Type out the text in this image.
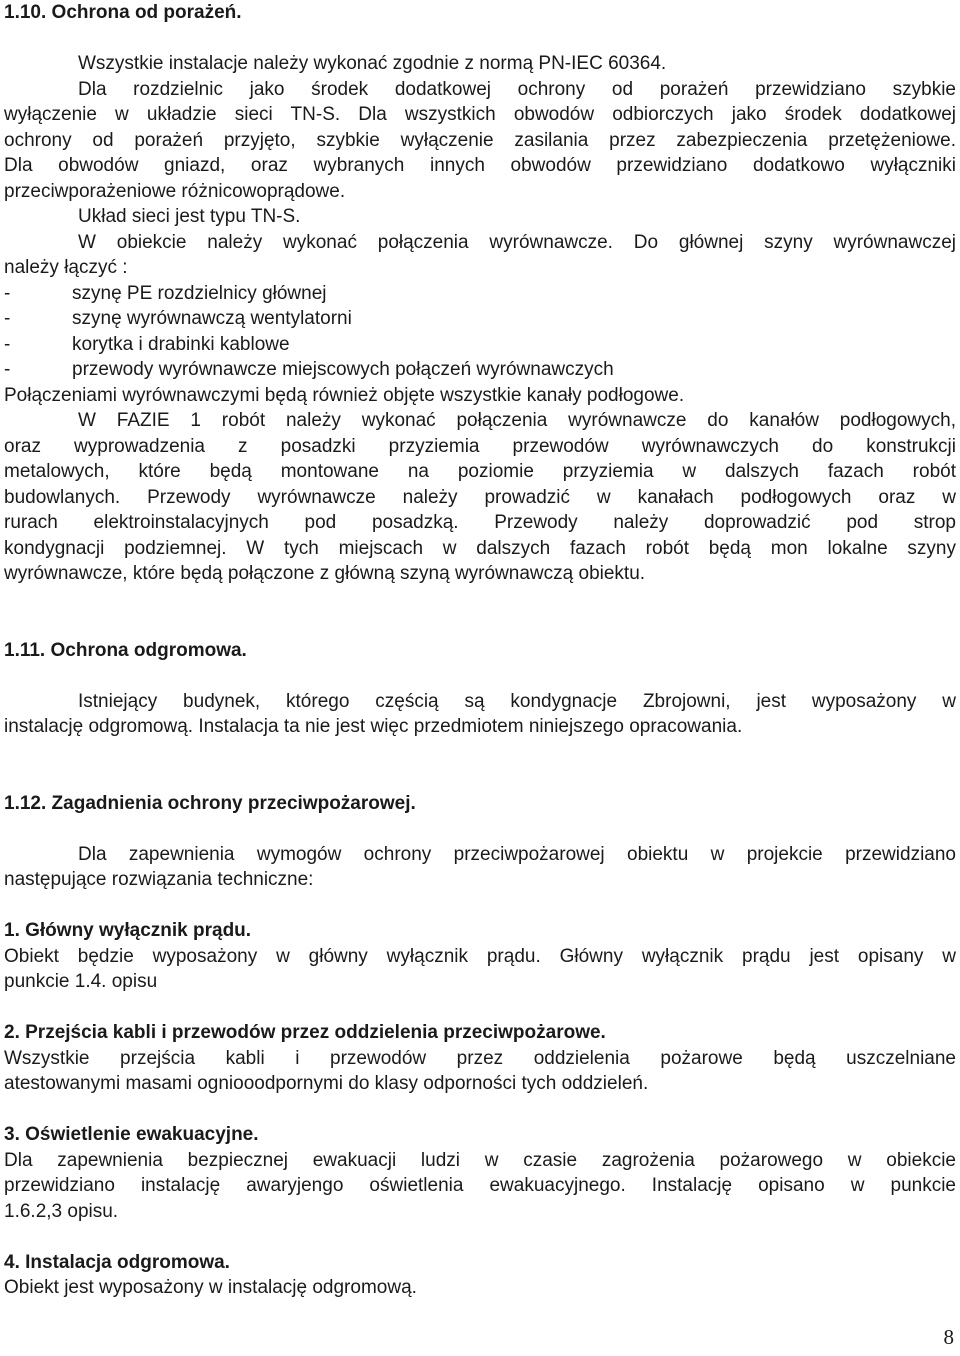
1.10. Ochrona od porażeń.
Wszystkie instalacje należy wykonać zgodnie z normą PN-IEC 60364.
Dla rozdzielnic jako środek dodatkowej ochrony od porażeń przewidziano szybkie
wyłączenie w układzie sieci TN-S. Dla wszystkich obwodów odbiorczych jako środek dodatkowej
ochrony od porażeń przyjęto, szybkie wyłączenie zasilania przez zabezpieczenia przetężeniowe.
Dla obwodów gniazd, oraz wybranych innych obwodów przewidziano dodatkowo wyłączniki
przeciwporażeniowe różnicowoprądowe.
Układ sieci jest typu TN-S.
W obiekcie należy wykonać połączenia wyrównawcze. Do głównej szyny wyrównawczej
należy łączyć :
-	szynę PE rozdzielnicy głównej
-	szynę wyrównawczą wentylatorni
-	korytka i drabinki kablowe
-	przewody wyrównawcze miejscowych połączeń wyrównawczych
Połączeniami wyrównawczymi będą również objęte wszystkie kanały podłogowe.
W FAZIE 1 robót należy wykonać połączenia wyrównawcze do kanałów podłogowych,
oraz wyprowadzenia z posadzki przyziemia przewodów wyrównawczych do konstrukcji
metalowych, które będą montowane na poziomie przyziemia w dalszych fazach robót
budowlanych. Przewody wyrównawcze należy prowadzić w kanałach podłogowych oraz w
rurach elektroinstalacyjnych pod posadzką. Przewody należy doprowadzić pod strop
kondygnacji podziemnej. W tych miejscach w dalszych fazach robót będą mon lokalne szyny
wyrównawcze, które będą połączone z główną szyną wyrównawczą obiektu.
1.11. Ochrona odgromowa.
Istniejący budynek, którego częścią są kondygnacje Zbrojowni, jest wyposażony w
instalację odgromową. Instalacja ta nie jest więc przedmiotem niniejszego opracowania.
1.12. Zagadnienia ochrony przeciwpożarowej.
Dla zapewnienia wymogów ochrony przeciwpożarowej obiektu w projekcie przewidziano
następujące rozwiązania techniczne:
1. Główny wyłącznik prądu.
Obiekt będzie wyposażony w główny wyłącznik prądu. Główny wyłącznik prądu jest opisany w
punkcie 1.4. opisu
2. Przejścia kabli i przewodów przez oddzielenia przeciwpożarowe.
Wszystkie przejścia kabli i przewodów przez oddzielenia pożarowe będą uszczelniane
atestowanymi masami ogniooodpornymi do klasy odporności tych oddzieleń.
3. Oświetlenie ewakuacyjne.
Dla zapewnienia bezpiecznej ewakuacji ludzi w czasie zagrożenia pożarowego w obiekcie
przewidziano instalację awaryjengo oświetlenia ewakuacyjnego. Instalację opisano w punkcie
1.6.2,3 opisu.
4. Instalacja odgromowa.
Obiekt jest wyposażony w instalację odgromową.
8
